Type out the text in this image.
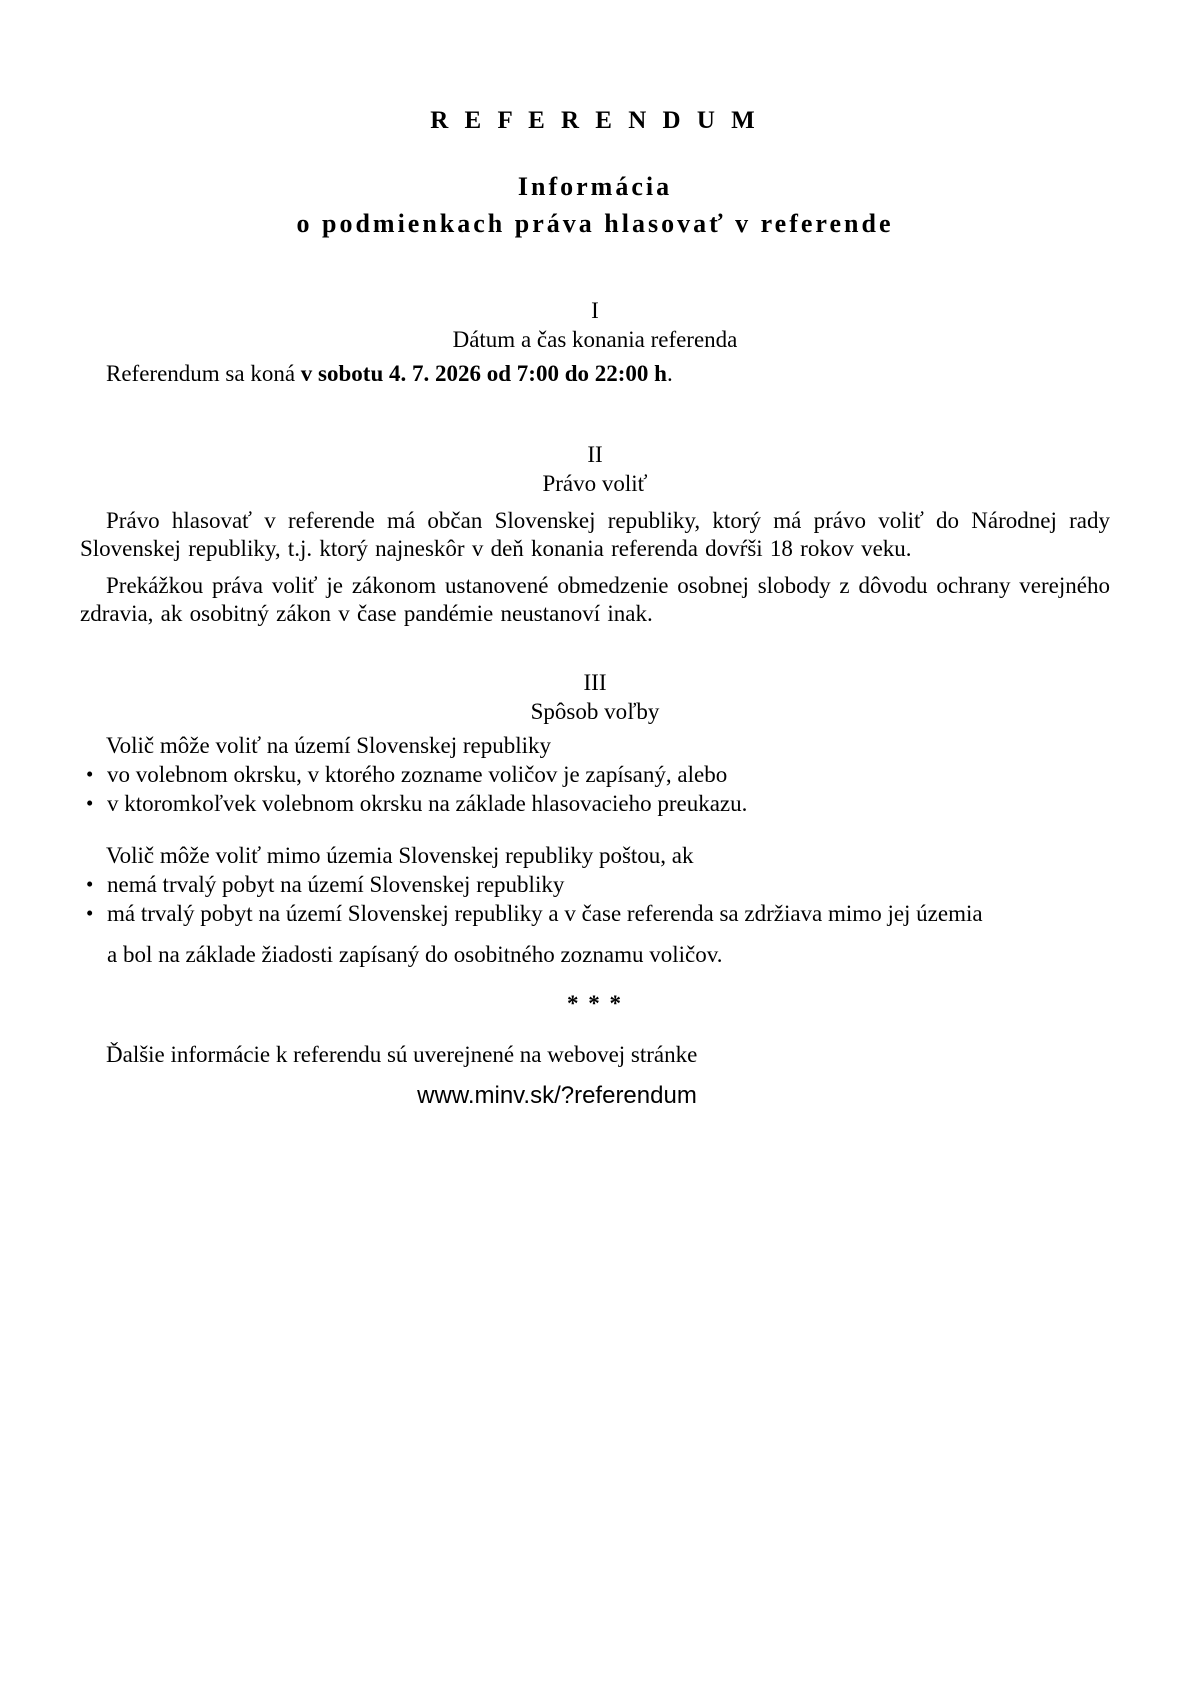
R E F E R E N D U M
Informácia
o podmienkach práva hlasovať v referende
I
Dátum a čas konania referenda

Referendum sa koná v sobotu 4. 7. 2026 od 7:00 do 22:00 h.

II
Právo voliť

Právo hlasovať v referende má občan Slovenskej republiky, ktorý má právo voliť do Národnej rady Slovenskej republiky, t.j. ktorý najneskôr v deň konania referenda dovŕši 18 rokov veku.

Prekážkou práva voliť je zákonom ustanovené obmedzenie osobnej slobody z dôvodu ochrany verejného zdravia, ak osobitný zákon v čase pandémie neustanoví inak.

III
Spôsob voľby
Volič môže voliť na území Slovenskej republiky
• vo volebnom okrsku, v ktorého zozname voličov je zapísaný, alebo
• v ktoromkoľvek volebnom okrsku na základe hlasovacieho preukazu.
Volič môže voliť mimo územia Slovenskej republiky poštou, ak
• nemá trvalý pobyt na území Slovenskej republiky
• má trvalý pobyt na území Slovenskej republiky a v čase referenda sa zdržiava mimo jej územia
a bol na základe žiadosti zapísaný do osobitného zoznamu voličov.
* * *
Ďalšie informácie k referendu sú uverejnené na webovej stránke
www.minv.sk/?referendum
